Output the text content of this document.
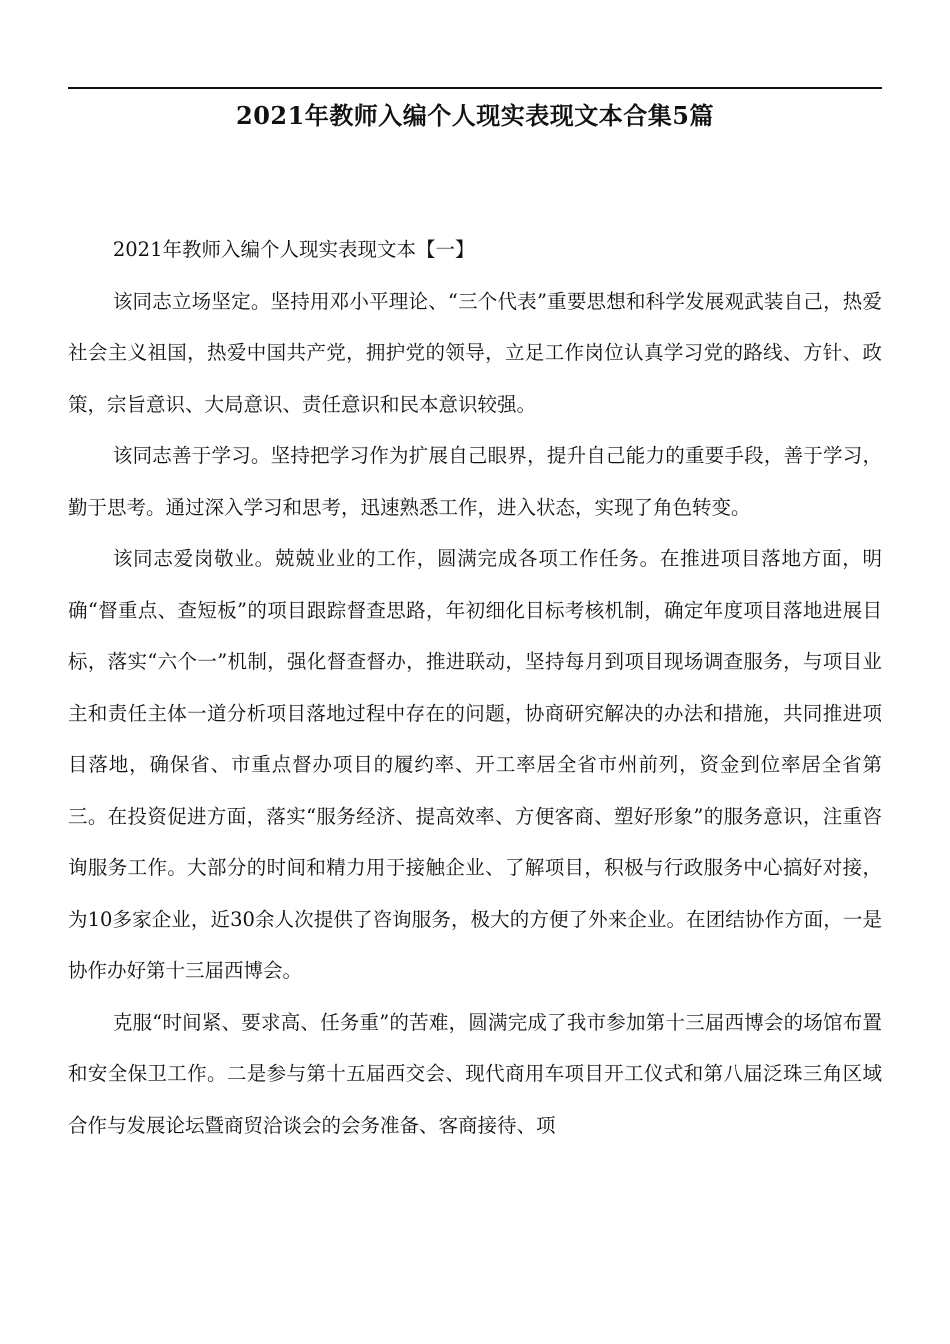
2021年教师入编个人现实表现文本合集5篇

2021年教师入编个人现实表现文本【一】

该同志立场坚定。坚持用邓小平理论、“三个代表”重要思想和科学发展观武装自己，热爱社会主义祖国，热爱中国共产党，拥护党的领导，立足工作岗位认真学习党的路线、方针、政策，宗旨意识、大局意识、责任意识和民本意识较强。

该同志善于学习。坚持把学习作为扩展自己眼界，提升自己能力的重要手段，善于学习，勤于思考。通过深入学习和思考，迅速熟悉工作，进入状态，实现了角色转变。

该同志爱岗敬业。兢兢业业的工作，圆满完成各项工作任务。在推进项目落地方面，明确“督重点、查短板”的项目跟踪督查思路，年初细化目标考核机制，确定年度项目落地进展目标，落实“六个一”机制，强化督查督办，推进联动，坚持每月到项目现场调查服务，与项目业主和责任主体一道分析项目落地过程中存在的问题，协商研究解决的办法和措施，共同推进项目落地，确保省、市重点督办项目的履约率、开工率居全省市州前列，资金到位率居全省第三。在投资促进方面，落实“服务经济、提高效率、方便客商、塑好形象”的服务意识，注重咨询服务工作。大部分的时间和精力用于接触企业、了解项目，积极与行政服务中心搞好对接，为10多家企业，近30余人次提供了咨询服务，极大的方便了外来企业。在团结协作方面，一是协作办好第十三届西博会。

克服“时间紧、要求高、任务重”的苦难，圆满完成了我市参加第十三届西博会的场馆布置和安全保卫工作。二是参与第十五届西交会、现代商用车项目开工仪式和第八届泛珠三角区域合作与发展论坛暨商贸洽谈会的会务准备、客商接待、项
